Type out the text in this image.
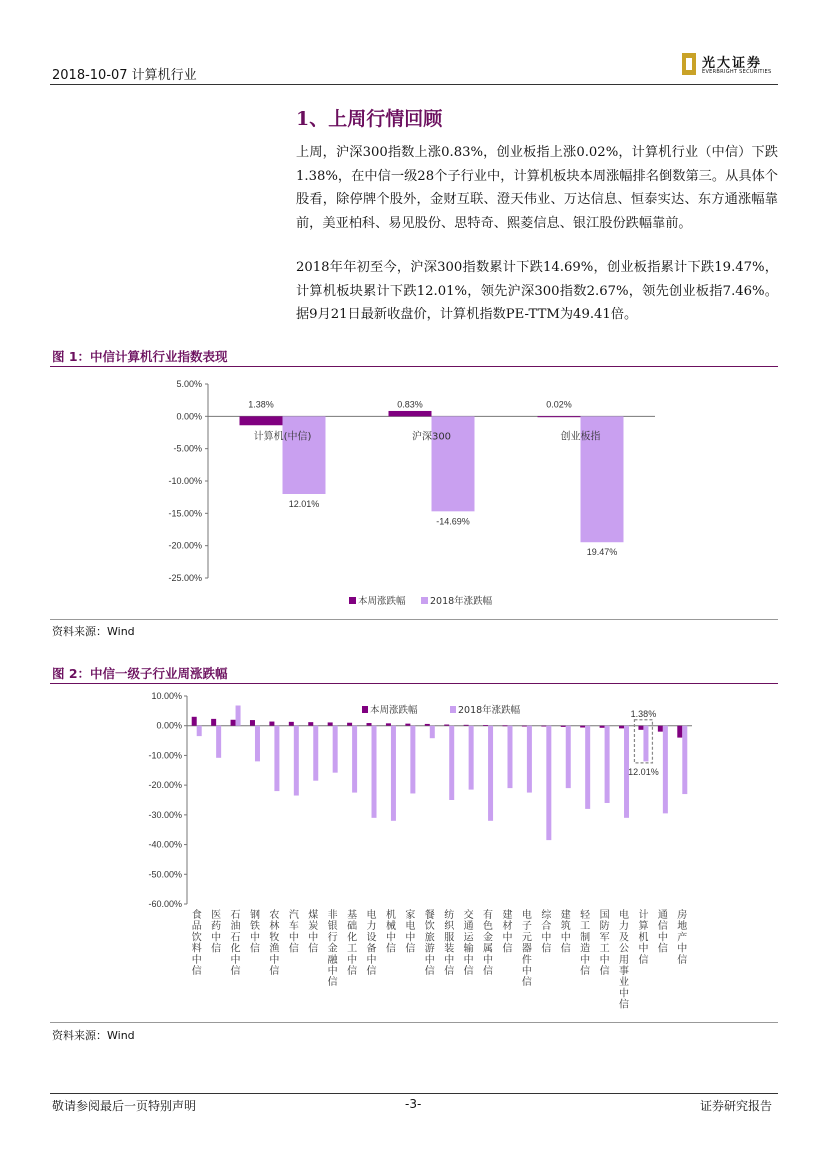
2018-10-07 计算机行业
光大证券
EVERBRIGHT SECURITIES
1、上周行情回顾
上周，沪深300指数上涨0.83%，创业板指上涨0.02%，计算机行业（中信）下跌1.38%，在中信一级28个子行业中，计算机板块本周涨幅排名倒数第三。从具体个股看，除停牌个股外，金财互联、澄天伟业、万达信息、恒泰实达、东方通涨幅靠前，美亚柏科、易见股份、思特奇、熙菱信息、银江股份跌幅靠前。
2018年年初至今，沪深300指数累计下跌14.69%，创业板指累计下跌19.47%，计算机板块累计下跌12.01%，领先沪深300指数2.67%，领先创业板指7.46%。据9月21日最新收盘价，计算机指数PE-TTM为49.41倍。
图 1：中信计算机行业指数表现
5.00%
0.00%
-5.00%
-10.00%
-15.00%
-20.00%
-25.00%
1.38%
12.01%
计算机(中信)
0.83%
-14.69%
沪深300
0.02%
19.47%
创业板指
本周涨跌幅	2018年涨跌幅
资料来源：Wind
图 2：中信一级子行业周涨跌幅
10.00%
0.00%
-10.00%
-20.00%
-30.00%
-40.00%
-50.00%
-60.00%
食
品
饮
料
中
信
医
药
中
信
石
油
石
化
中
信
钢
铁
中
信
农
林
牧
渔
中
信
汽
车
中
信
煤
炭
中
信
非
银
行
金
融
中
信
基
础
化
工
中
信
电
力
设
备
中
信
机
械
中
信
家
电
中
信
餐
饮
旅
游
中
信
纺
织
服
装
中
信
交
通
运
输
中
信
有
色
金
属
中
信
建
材
中
信
电
子
元
器
件
中
信
综
合
中
信
建
筑
中
信
轻
工
制
造
中
信
国
防
军
工
中
信
电
力
及
公
用
事
业
中
信
计
算
机
中
信
通
信
中
信
房
地
产
中
信
1.38%
12.01%
本周涨跌幅	2018年涨跌幅
资料来源：Wind
敬请参阅最后一页特别声明	-3-	证券研究报告
